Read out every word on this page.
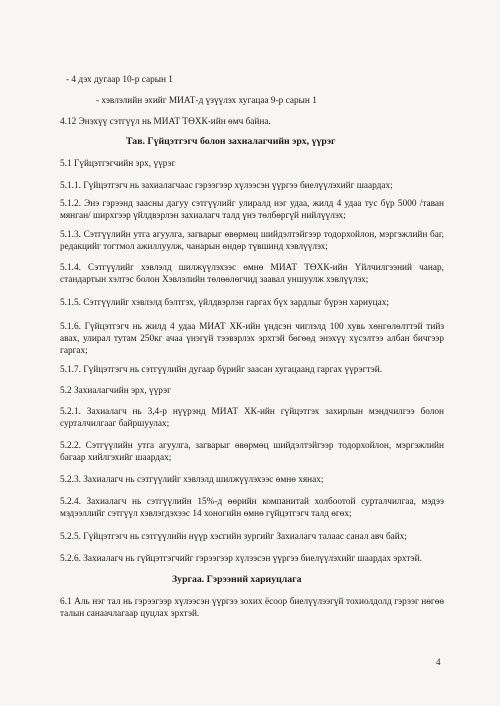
- 4 дэх дугаар 10-р сарын 1
- хэвлэлийн эхийг МИАТ-д үзүүлэх хугацаа 9-р сарын 1
4.12 Энэхүү сэтгүүл нь МИАТ ТӨХК-ийн өмч байна.
Тав. Гүйцэтгэгч болон захиалагчийн эрх, үүрэг
5.1 Гүйцэтгэгчийн эрх, үүрэг
5.1.1. Гүйцэтгэгч нь захиалагчаас гэрээгээр хүлээсэн үүргээ биелүүлэхийг шаардах;
5.1.2. Энэ гэрээнд заасны дагуу сэтгүүлийг улиралд нэг удаа, жилд 4 удаа тус бүр 5000 /таван мянган/ ширхгээр үйлдвэрлэн захиалагч талд үнэ төлбөргүй нийлүүлэх;
5.1.3. Сэтгүүлийн утга агуулга, загварыг өвөрмөц шийдэлтэйгээр тодорхойлон, мэргэжлийн баг, редакцийг тогтмол ажиллуулж, чанарын өндөр түвшинд хэвлүүлэх;
5.1.4. Сэтгүүлийг хэвлэлд шилжүүлэхээс өмнө МИАТ ТӨХК-ийн Үйлчилгээний чанар, стандартын хэлтэс болон Хэвлэлийн төлөөлөгчид заавал уншуулж хэвлүүлэх;
5.1.5. Сэтгүүлийг хэвлэлд бэлтгэх, үйлдвэрлэн гаргах бүх зардлыг бүрэн хариуцах;
5.1.6. Гүйцэтгэгч нь жилд 4 удаа МИАТ ХК-ийн үндсэн чиглэлд 100 хувь хөнгөлөлттэй тийз авах, улирал тутам 250кг ачаа үнэгүй тээвэрлэх эрхтэй бөгөөд энэхүү хүсэлтээ албан бичгээр гаргах;
5.1.7. Гүйцэтгэгч нь сэтгүүлийн дугаар бүрийг заасан хугацаанд гаргах үүрэгтэй.
5.2 Захиалагчийн эрх, үүрэг
5.2.1. Захиалагч нь 3,4-р нүүрэнд МИАТ ХК-ийн гүйцэтгэх захирлын мэндчилгээ болон сурталчилгааг байршуулах;
5.2.2. Сэтгүүлийн утга агуулга, загварыг өвөрмөц шийдэлтэйгээр тодорхойлон, мэргэжлийн багаар хийлгэхийг шаардах;
5.2.3. Захиалагч нь сэтгүүлийг хэвлэлд шилжүүлэхээс өмнө хянах;
5.2.4. Захиалагч нь сэтгүүлийн 15%-д өөрийн компанитай холбоотой сурталчилгаа, мэдээ мэдээллийг сэтгүүл хэвлэгдэхээс 14 хоногийн өмнө гүйцэтгэгч талд өгөх;
5.2.5. Гүйцэтгэгч нь сэтгүүлийн нүүр хэсгийн зургийг Захиалагч талаас санал авч байх;
5.2.6. Захиалагч нь гүйцэтгэгчийг гэрээгээр хүлээсэн үүргээ биелүүлэхийг шаардах эрхтэй.
Зургаа. Гэрээний хариуцлага
6.1 Аль нэг тал нь гэрээгээр хүлээсэн үүргээ зохих ёсоор биелүүлээгүй тохиолдолд гэрээг нөгөө талын санаачлагаар цуцлах эрхтэй.
4
